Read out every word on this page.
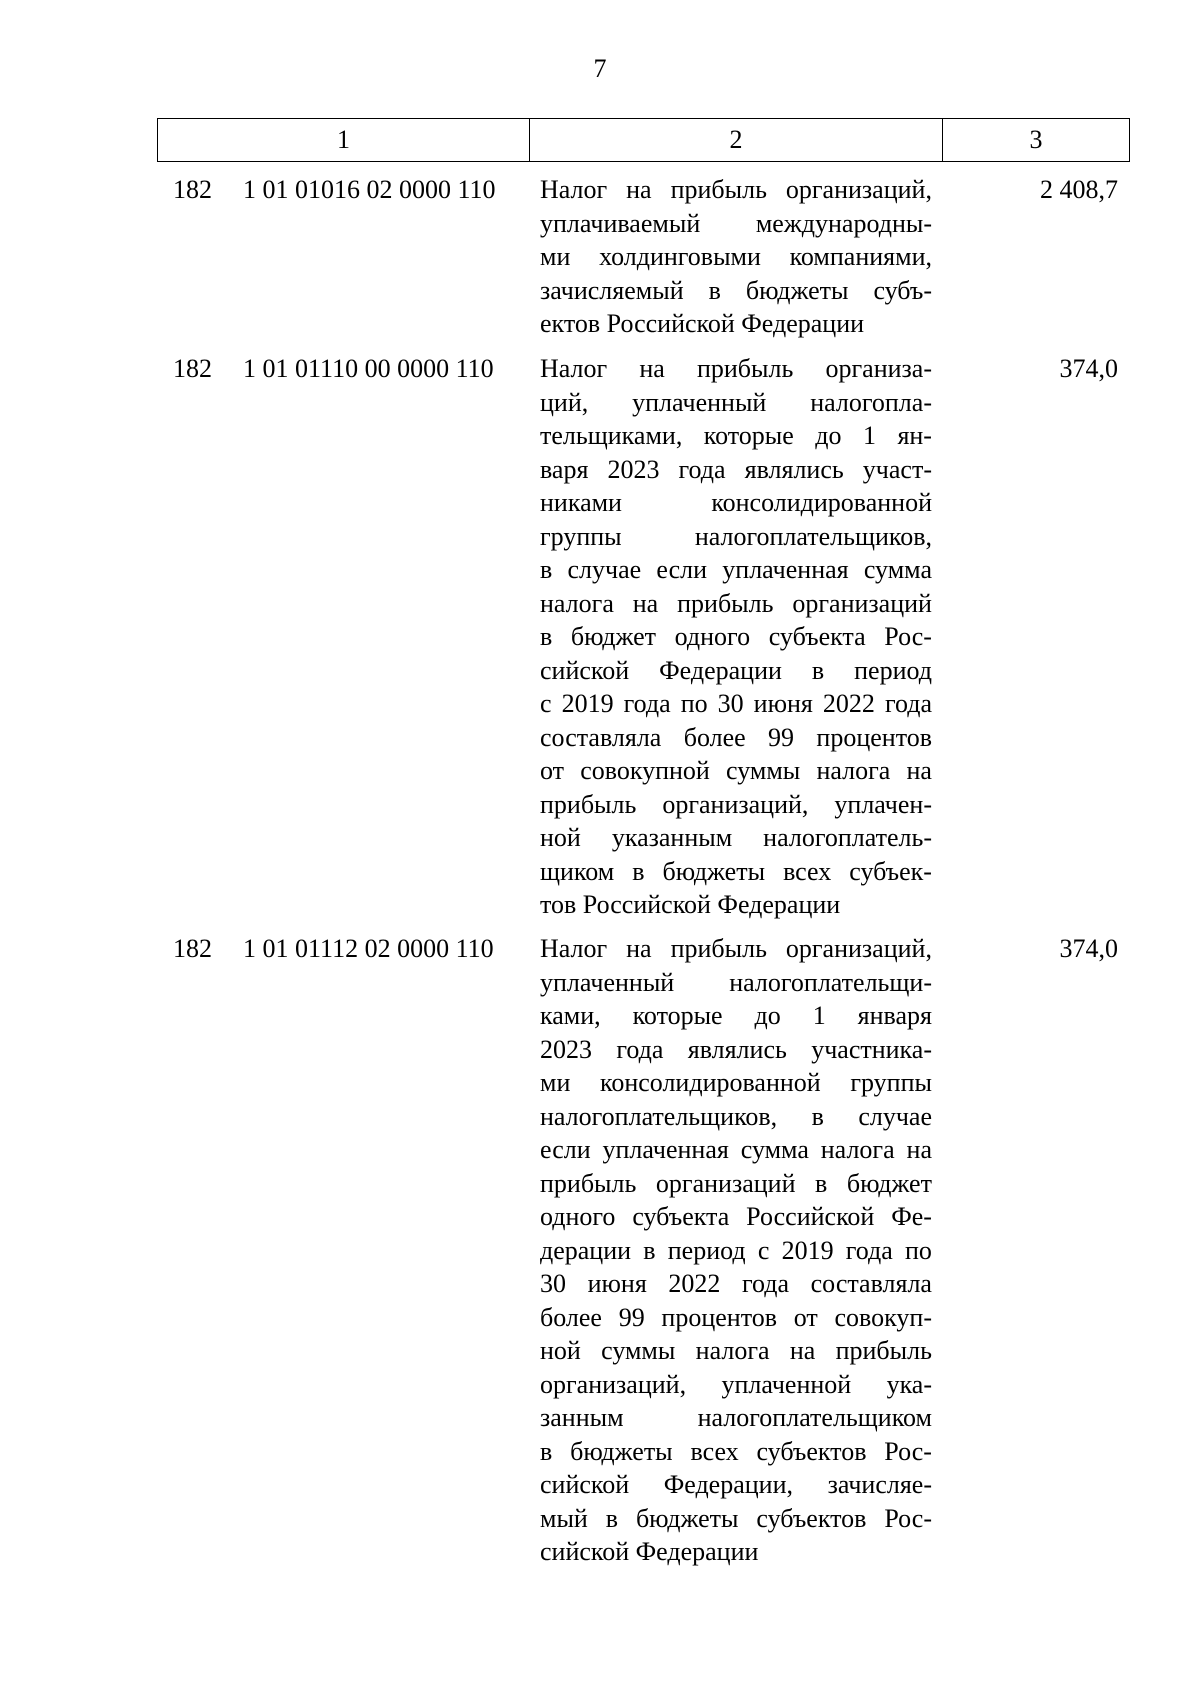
7
1	2	3
182 1 01 01016 02 0000 110 Налог на прибыль организаций,
уплачиваемый международны-
ми холдинговыми компаниями,
зачисляемый в бюджеты субъ-
ектов Российской Федерации
2 408,7
182 1 01 01110 00 0000 110 Налог на прибыль организа-
ций, уплаченный налогопла-
тельщиками, которые до 1 ян-
варя 2023 года являлись участ-
никами	консолидированной
группы	налогоплательщиков,
в случае если уплаченная сумма
налога на прибыль организаций
в бюджет одного субъекта Рос-
сийской Федерации в период
с 2019 года по 30 июня 2022 года
составляла более 99 процентов
от совокупной суммы налога на
прибыль организаций, уплачен-
ной указанным налогоплатель-
щиком в бюджеты всех субъек-
тов Российской Федерации
374,0
182 1 01 01112 02 0000 110 Налог на прибыль организаций,
уплаченный налогоплательщи-
ками, которые до 1 января
2023 года являлись участника-
ми консолидированной группы
налогоплательщиков, в случае
если уплаченная сумма налога на
прибыль организаций в бюджет
одного субъекта Российской Фе-
дерации в период с 2019 года по
30 июня 2022 года составляла
более 99 процентов от совокуп-
ной суммы налога на прибыль
организаций, уплаченной ука-
занным	налогоплательщиком
в бюджеты всех субъектов Рос-
сийской Федерации, зачисляе-
мый в бюджеты субъектов Рос-
сийской Федерации
374,0
